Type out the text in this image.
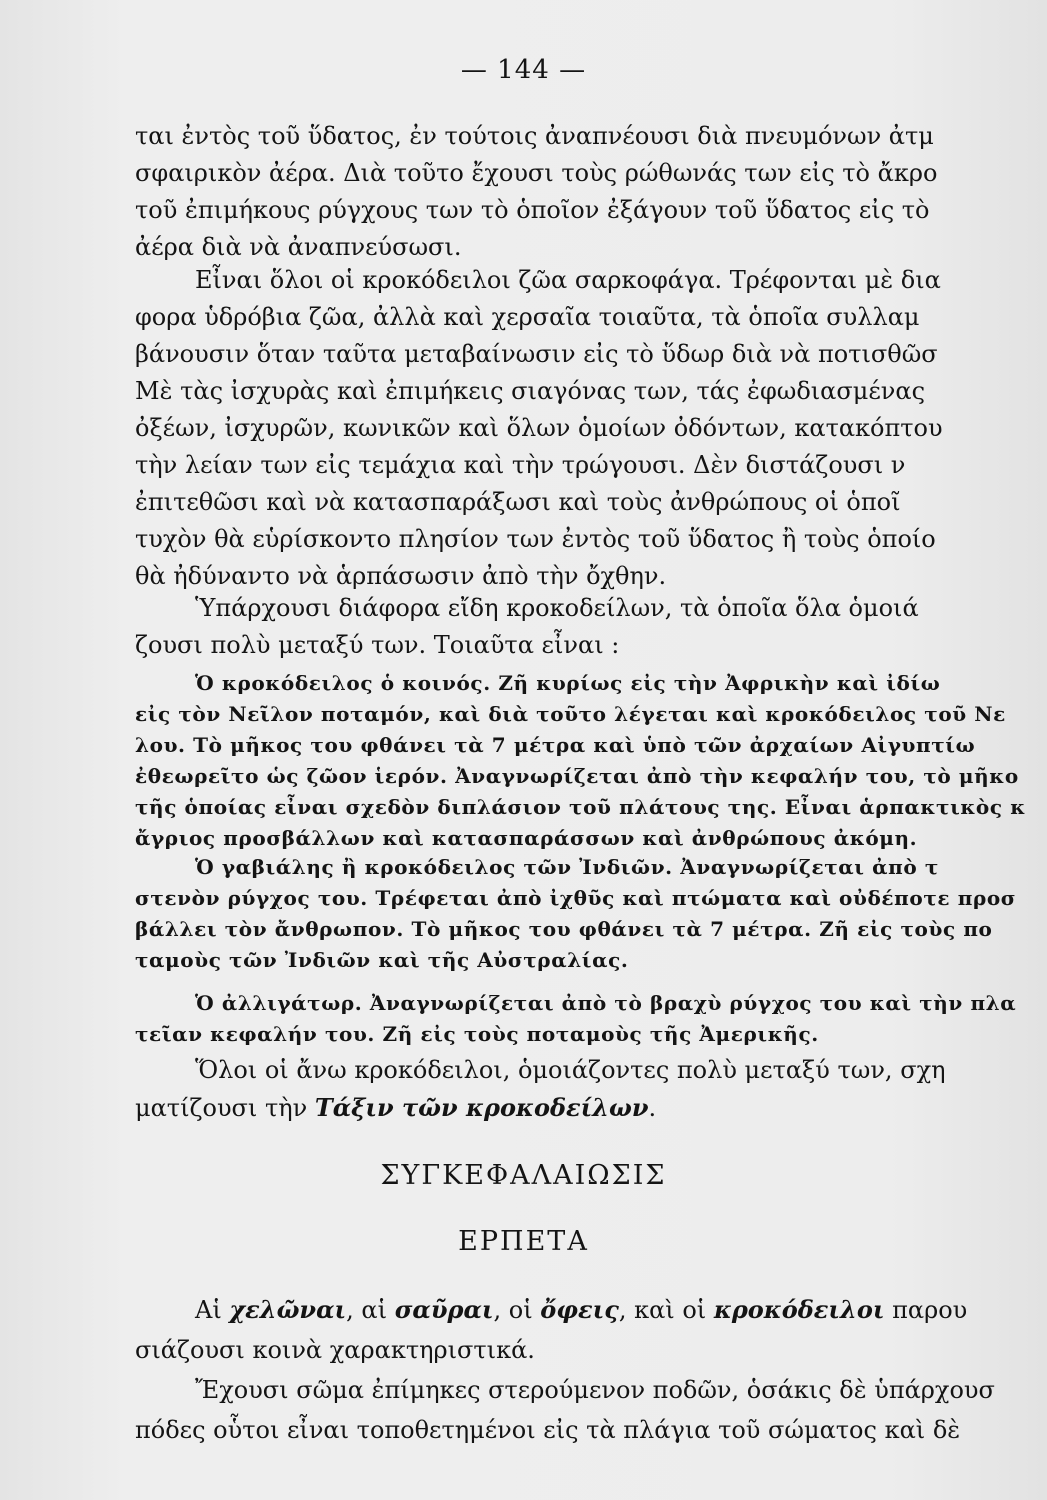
— 144 —
ται ἐντὸς τοῦ ὕδατος, ἐν τούτοις ἀναπνέουσι διὰ πνευμόνων ἀτμ
σφαιρικὸν ἀέρα. Διὰ τοῦτο ἔχουσι τοὺς ρώθωνάς των εἰς τὸ ἄκρο
τοῦ ἐπιμήκους ρύγχους των τὸ ὁποῖον ἐξάγουν τοῦ ὕδατος εἰς τὸ
ἀέρα διὰ νὰ ἀναπνεύσωσι.
Εἶναι ὅλοι οἱ κροκόδειλοι ζῶα σαρκοφάγα. Τρέφονται μὲ δια
φορα ὑδρόβια ζῶα, ἀλλὰ καὶ χερσαῖα τοιαῦτα, τὰ ὁποῖα συλλαμ
βάνουσιν ὅταν ταῦτα μεταβαίνωσιν εἰς τὸ ὕδωρ διὰ νὰ ποτισθῶσ
Μὲ τὰς ἰσχυρὰς καὶ ἐπιμήκεις σιαγόνας των, τάς ἐφωδιασμένας
ὀξέων, ἰσχυρῶν, κωνικῶν καὶ ὅλων ὁμοίων ὀδόντων, κατακόπτου
τὴν λείαν των εἰς τεμάχια καὶ τὴν τρώγουσι. Δὲν διστάζουσι ν
ἐπιτεθῶσι καὶ νὰ κατασπαράξωσι καὶ τοὺς ἀνθρώπους οἱ ὁποῖ
τυχὸν θὰ εὑρίσκοντο πλησίον των ἐντὸς τοῦ ὕδατος ἢ τοὺς ὁποίο
θὰ ἠδύναντο νὰ ἁρπάσωσιν ἀπὸ τὴν ὄχθην.
Ὑπάρχουσι διάφορα εἴδη κροκοδείλων, τὰ ὁποῖα ὅλα ὁμοιά
ζουσι πολὺ μεταξύ των. Τοιαῦτα εἶναι :
Ὁ κροκόδειλος ὁ κοινός. Ζῆ κυρίως εἰς τὴν Ἀφρικὴν καὶ ἰδίω
εἰς τὸν Νεῖλον ποταμόν, καὶ διὰ τοῦτο λέγεται καὶ κροκόδειλος τοῦ Νε
λου. Τὸ μῆκος του φθάνει τὰ 7 μέτρα καὶ ὑπὸ τῶν ἀρχαίων Αἰγυπτίω
ἐθεωρεῖτο ὡς ζῶον ἱερόν. Ἀναγνωρίζεται ἀπὸ τὴν κεφαλήν του, τὸ μῆκο
τῆς ὁποίας εἶναι σχεδὸν διπλάσιον τοῦ πλάτους της. Εἶναι ἁρπακτικὸς κ
ἄγριος προσβάλλων καὶ κατασπαράσσων καὶ ἀνθρώπους ἀκόμη.
Ὁ γαβιάλης ἢ κροκόδειλος τῶν Ἰνδιῶν. Ἀναγνωρίζεται ἀπὸ τ
στενὸν ρύγχος του. Τρέφεται ἀπὸ ἰχθῦς καὶ πτώματα καὶ οὐδέποτε προσ
βάλλει τὸν ἄνθρωπον. Τὸ μῆκος του φθάνει τὰ 7 μέτρα. Ζῆ εἰς τοὺς πο
ταμοὺς τῶν Ἰνδιῶν καὶ τῆς Αὐστραλίας.
Ὁ ἀλλιγάτωρ. Ἀναγνωρίζεται ἀπὸ τὸ βραχὺ ρύγχος του καὶ τὴν πλα
τεῖαν κεφαλήν του. Ζῆ εἰς τοὺς ποταμοὺς τῆς Ἀμερικῆς.
Ὅλοι οἱ ἄνω κροκόδειλοι, ὁμοιάζοντες πολὺ μεταξύ των, σχη
ματίζουσι τὴν Τάξιν τῶν κροκοδείλων.
ΣΥΓΚΕΦΑΛΑΙΩΣΙΣ
ΕΡΠΕΤΑ
Αἱ χελῶναι, αἱ σαῦραι, οἱ ὄφεις, καὶ οἱ κροκόδειλοι παρου
σιάζουσι κοινὰ χαρακτηριστικά.
Ἔχουσι σῶμα ἐπίμηκες στερούμενον ποδῶν, ὁσάκις δὲ ὑπάρχουσ
πόδες οὗτοι εἶναι τοποθετημένοι εἰς τὰ πλάγια τοῦ σώματος καὶ δὲ
